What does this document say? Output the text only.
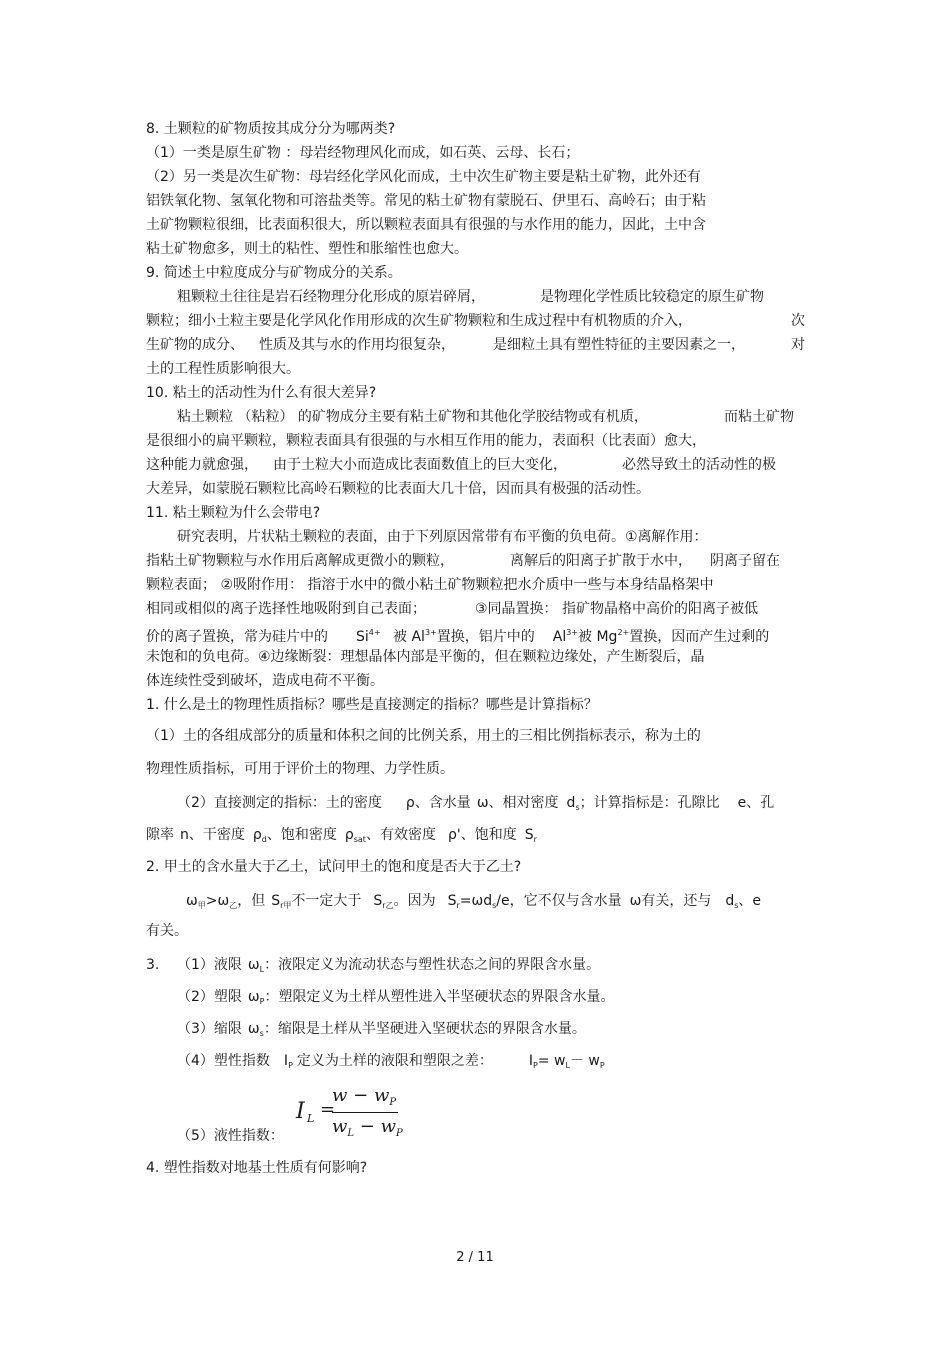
8. 土颗粒的矿物质按其成分分为哪两类?
（1）一类是原生矿物 ：母岩经物理风化而成，如石英、云母、长石；
（2）另一类是次生矿物：母岩经化学风化而成，土中次生矿物主要是粘土矿物，此外还有
铝铁氧化物、氢氧化物和可溶盐类等。常见的粘土矿物有蒙脱石、伊里石、高岭石；由于粘
土矿物颗粒很细，比表面积很大，所以颗粒表面具有很强的与水作用的能力，因此，土中含
粘土矿物愈多，则土的粘性、塑性和胀缩性也愈大。
9. 简述土中粒度成分与矿物成分的关系。
粗颗粒土往往是岩石经物理分化形成的原岩碎屑，	是物理化学性质比较稳定的原生矿物
颗粒；细小土粒主要是化学风化作用形成的次生矿物颗粒和生成过程中有机物质的介入，	次
生矿物的成分、 性质及其与水的作用均很复杂，	是细粒土具有塑性特征的主要因素之一，	对
土的工程性质影响很大。
10. 粘土的活动性为什么有很大差异?
粘土颗粒 （粘粒） 的矿物成分主要有粘土矿物和其他化学胶结物或有机质，	而粘土矿物
是很细小的扁平颗粒，颗粒表面具有很强的与水相互作用的能力，表面积（比表面）愈大，
这种能力就愈强， 由于土粒大小而造成比表面数值上的巨大变化，	必然导致土的活动性的极
大差异，如蒙脱石颗粒比高岭石颗粒的比表面大几十倍，因而具有极强的活动性。
11. 粘土颗粒为什么会带电?
研究表明，片状粘土颗粒的表面，由于下列原因常带有布平衡的负电荷。①离解作用：
指粘土矿物颗粒与水作用后离解成更微小的颗粒，	离解后的阳离子扩散于水中， 阴离子留在
颗粒表面； ②吸附作用： 指溶于水中的微小粘土矿物颗粒把水介质中一些与本身结晶格架中
相同或相似的离子选择性地吸附到自己表面；	③同晶置换： 指矿物晶格中高价的阳离子被低
价的离子置换，常为硅片中的 $Si^{4+}$ 被 $Al^{3+}$置换，铝片中的 $Al^{3+}$被 $Mg^{2+}$置换，因而产生过剩的
未饱和的负电荷。④边缘断裂：理想晶体内部是平衡的，但在颗粒边缘处，产生断裂后，晶
体连续性受到破坏，造成电荷不平衡。
1. 什么是土的物理性质指标？哪些是直接测定的指标？哪些是计算指标？
（1）土的各组成部分的质量和体积之间的比例关系，用土的三相比例指标表示，称为土的
物理性质指标，可用于评价土的物理、力学性质。
（2）直接测定的指标：土的密度 ρ、含水量 ω、相对密度 $d_s$；计算指标是：孔隙比 e、孔
隙率 n、干密度 $\rho_d$、饱和密度 $\rho_{sat}$、有效密度 ρ'、饱和度 $S_r$
2. 甲土的含水量大于乙土，试问甲土的饱和度是否大于乙土?
$\omega_甲>\omega_乙$，但 $S_{r甲}$不一定大于 $S_{r乙}$。因为 $S_r=\omega d_s/e$，它不仅与含水量 ω有关，还与 $d_s$、e
有关。
3. （1）液限 $\omega_L$：液限定义为流动状态与塑性状态之间的界限含水量。
（2）塑限 $\omega_P$：塑限定义为土样从塑性进入半坚硬状态的界限含水量。
（3）缩限 $\omega_s$：缩限是土样从半坚硬进入坚硬状态的界限含水量。
（4）塑性指数 $I_P$ 定义为土样的液限和塑限之差：	$I_P= w_L- w_P$
I L =
$w - w_P$
$w_L - w_P$
（5）液性指数：
4. 塑性指数对地基土性质有何影响?
2 / 11
